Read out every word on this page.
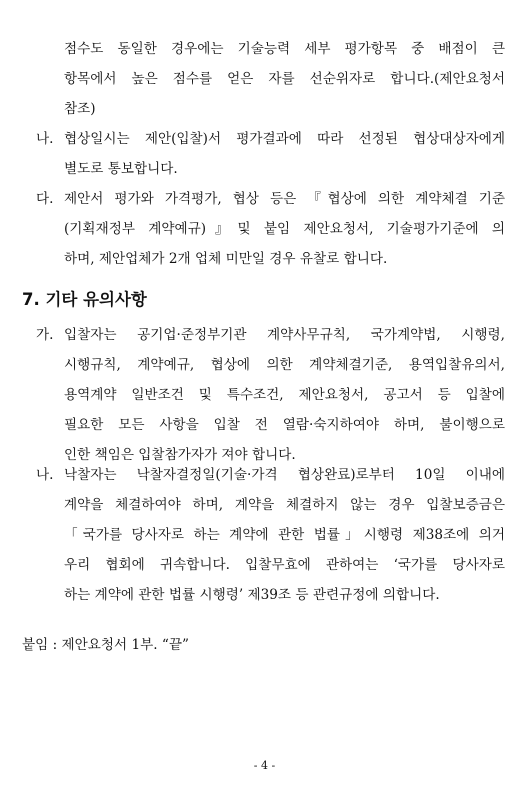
점수도 동일한 경우에는 기술능력 세부 평가항목 중 배점이 큰
항목에서 높은 점수를 얻은 자를 선순위자로 합니다.(제안요청서
참조)
나. 협상일시는 제안(입찰)서 평가결과에 따라 선정된 협상대상자에게
별도로 통보합니다.
다. 제안서 평가와 가격평가, 협상 등은 『협상에 의한 계약체결 기준
(기획재정부 계약예규)』및 붙임 제안요청서, 기술평가기준에 의
하며, 제안업체가 2개 업체 미만일 경우 유찰로 합니다.
7. 기타 유의사항
가. 입찰자는 공기업·준정부기관 계약사무규칙, 국가계약법, 시행령,
시행규칙, 계약예규, 협상에 의한 계약체결기준, 용역입찰유의서,
용역계약 일반조건 및 특수조건, 제안요청서, 공고서 등 입찰에
필요한 모든 사항을 입찰 전 열람·숙지하여야 하며, 불이행으로
인한 책임은 입찰참가자가 져야 합니다.
나. 낙찰자는 낙찰자결정일(기술·가격 협상완료)로부터 10일 이내에
계약을 체결하여야 하며, 계약을 체결하지 않는 경우 입찰보증금은
「국가를 당사자로 하는 계약에 관한 법률」시행령 제38조에 의거
우리 협회에 귀속합니다. 입찰무효에 관하여는 ‘국가를 당사자로
하는 계약에 관한 법률 시행령’ 제39조 등 관련규정에 의합니다.
붙임 : 제안요청서 1부. “끝”
- 4 -
